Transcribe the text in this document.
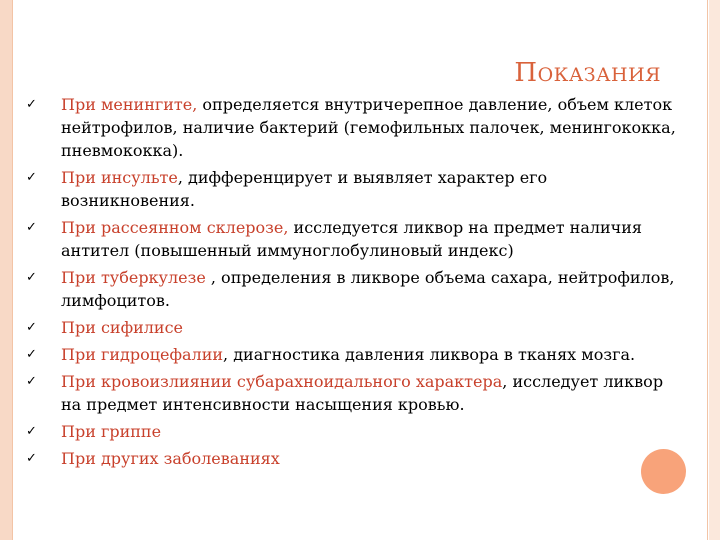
ПОКАЗАНИЯ
✓ При менингите, определяется внутричерепное давление, объем клеток нейтрофилов, наличие бактерий (гемофильных палочек, менингококка, пневмококка).
✓ При инсульте, дифференцирует и выявляет характер его возникновения.
✓ При рассеянном склерозе, исследуется ликвор на предмет наличия антител (повышенный иммуноглобулиновый индекс)
✓ При туберкулезе , определения в ликворе объема сахара, нейтрофилов, лимфоцитов.
✓ При сифилисе
✓ При гидроцефалии, диагностика давления ликвора в тканях мозга.
✓ При кровоизлиянии субарахноидального характера, исследует ликвор на предмет интенсивности насыщения кровью.
✓ При гриппе
✓ При других заболеваниях
